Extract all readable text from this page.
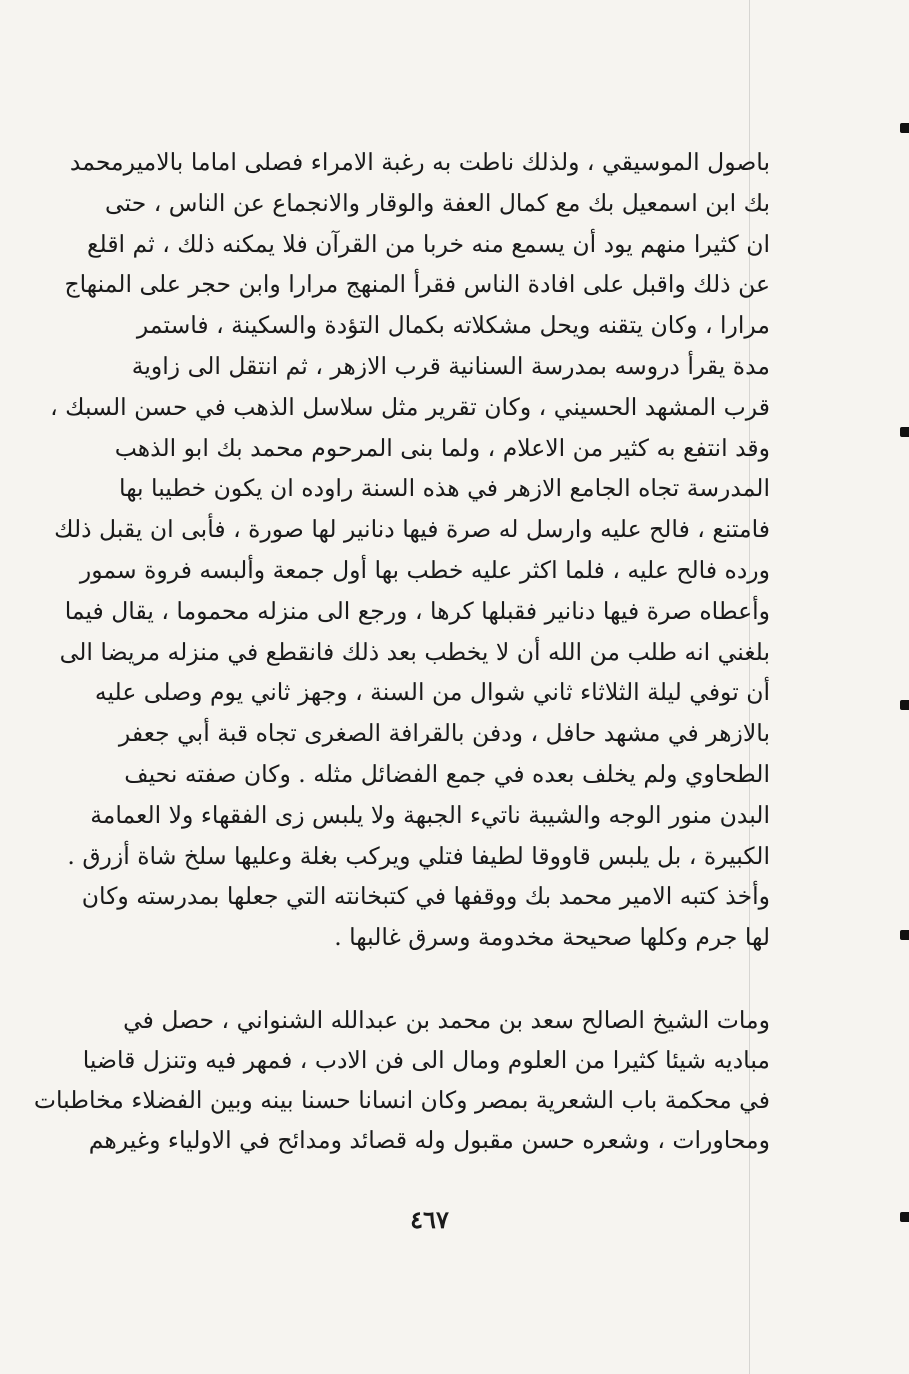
باصول الموسيقي ، ولذلك ناطت به رغبة الامراء فصلى اماما بالاميرمحمد
بك ابن اسمعيل بك مع كمال العفة والوقار والانجماع عن الناس ، حتى
ان كثيرا منهم يود أن يسمع منه خربا من القرآن فلا يمكنه ذلك ، ثم اقلع
عن ذلك واقبل على افادة الناس فقرأ المنهج مرارا وابن حجر على المنهاج
مرارا ، وكان يتقنه ويحل مشكلاته بكمال التؤدة والسكينة ، فاستمر
مدة يقرأ دروسه بمدرسة السنانية قرب الازهر ، ثم انتقل الى زاوية
قرب المشهد الحسيني ، وكان تقرير مثل سلاسل الذهب في حسن السبك ،
وقد انتفع به كثير من الاعلام ، ولما بنى المرحوم محمد بك ابو الذهب
المدرسة تجاه الجامع الازهر في هذه السنة راوده ان يكون خطيبا بها
فامتنع ، فالح عليه وارسل له صرة فيها دنانير لها صورة ، فأبى ان يقبل ذلك
ورده فالح عليه ، فلما اكثر عليه خطب بها أول جمعة وألبسه فروة سمور
وأعطاه صرة فيها دنانير فقبلها كرها ، ورجع الى منزله محموما ، يقال فيما
بلغني انه طلب من الله أن لا يخطب بعد ذلك فانقطع في منزله مريضا الى
أن توفي ليلة الثلاثاء ثاني شوال من السنة ، وجهز ثاني يوم وصلى عليه
بالازهر في مشهد حافل ، ودفن بالقرافة الصغرى تجاه قبة أبي جعفر
الطحاوي ولم يخلف بعده في جمع الفضائل مثله . وكان صفته نحيف
البدن منور الوجه والشيبة ناتيء الجبهة ولا يلبس زى الفقهاء ولا العمامة
الكبيرة ، بل يلبس قاووقا لطيفا فتلي ويركب بغلة وعليها سلخ شاة أزرق .
وأخذ كتبه الامير محمد بك ووقفها في كتبخانته التي جعلها بمدرسته وكان
لها جرم وكلها صحيحة مخدومة وسرق غالبها .
ومات الشيخ الصالح سعد بن محمد بن عبدالله الشنواني ، حصل في
مباديه شيئا كثيرا من العلوم ومال الى فن الادب ، فمهر فيه وتنزل قاضيا
في محكمة باب الشعرية بمصر وكان انسانا حسنا بينه وبين الفضلاء مخاطبات
ومحاورات ، وشعره حسن مقبول وله قصائد ومدائح في الاولياء وغيرهم
٤٦٧
